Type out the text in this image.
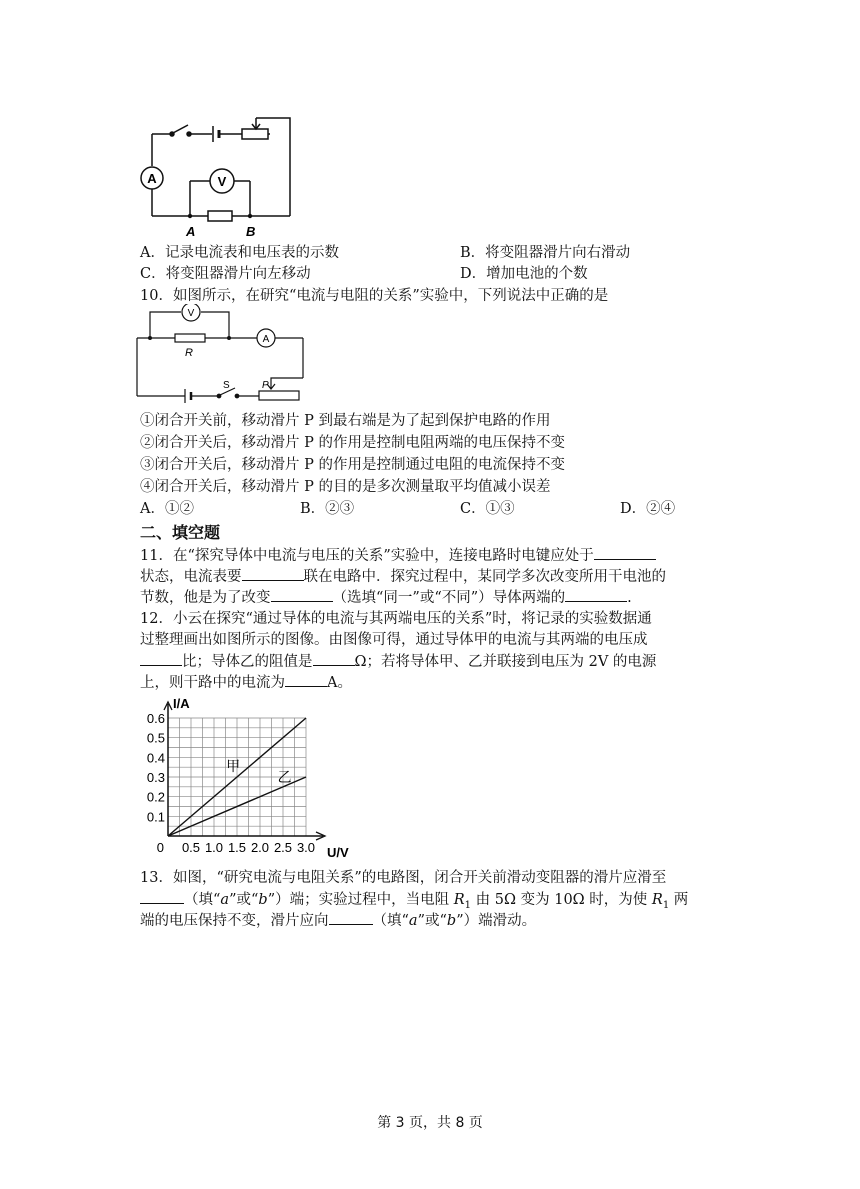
A	V
A	B
A．记录电流表和电压表的示数	B．将变阻器滑片向右滑动
C．将变阻器滑片向左移动	D．增加电池的个数
10．如图所示，在研究“电流与电阻的关系”实验中，下列说法中正确的是
V
A
R
S	P
①闭合开关前，移动滑片 P 到最右端是为了起到保护电路的作用
②闭合开关后，移动滑片 P 的作用是控制电阻两端的电压保持不变
③闭合开关后，移动滑片 P 的作用是控制通过电阻的电流保持不变
④闭合开关后，移动滑片 P 的目的是多次测量取平均值减小误差
A．①②	B．②③	C．①③	D．②④
二、填空题
11．在“探究导体中电流与电压的关系”实验中，连接电路时电键应处于
状态，电流表要	联在电路中．探究过程中，某同学多次改变所用干电池的
节数，他是为了改变	（选填“同一”或“不同”）导体两端的	.
12．小云在探究“通过导体的电流与其两端电压的关系”时，将记录的实验数据通
过整理画出如图所示的图像。由图像可得，通过导体甲的电流与其两端的电压成
比；导体乙的阻值是	Ω；若将导体甲、乙并联接到电压为 2V 的电源
上，则干路中的电流为	A。
I/A
U/V
0.1
0.2
0.3
0.4
0.5
0.6
0 0.5 1.0 1.5 2.0 2.5 3.0
甲
乙
13．如图，“研究电流与电阻关系”的电路图，闭合开关前滑动变阻器的滑片应滑至
（填“a”或“b”）端；实验过程中，当电阻 $R_1$ 由 5Ω 变为 10Ω 时，为使 $R_1$ 两
端的电压保持不变，滑片应向	（填“a”或“b”）端滑动。
第 3 页，共 8 页
